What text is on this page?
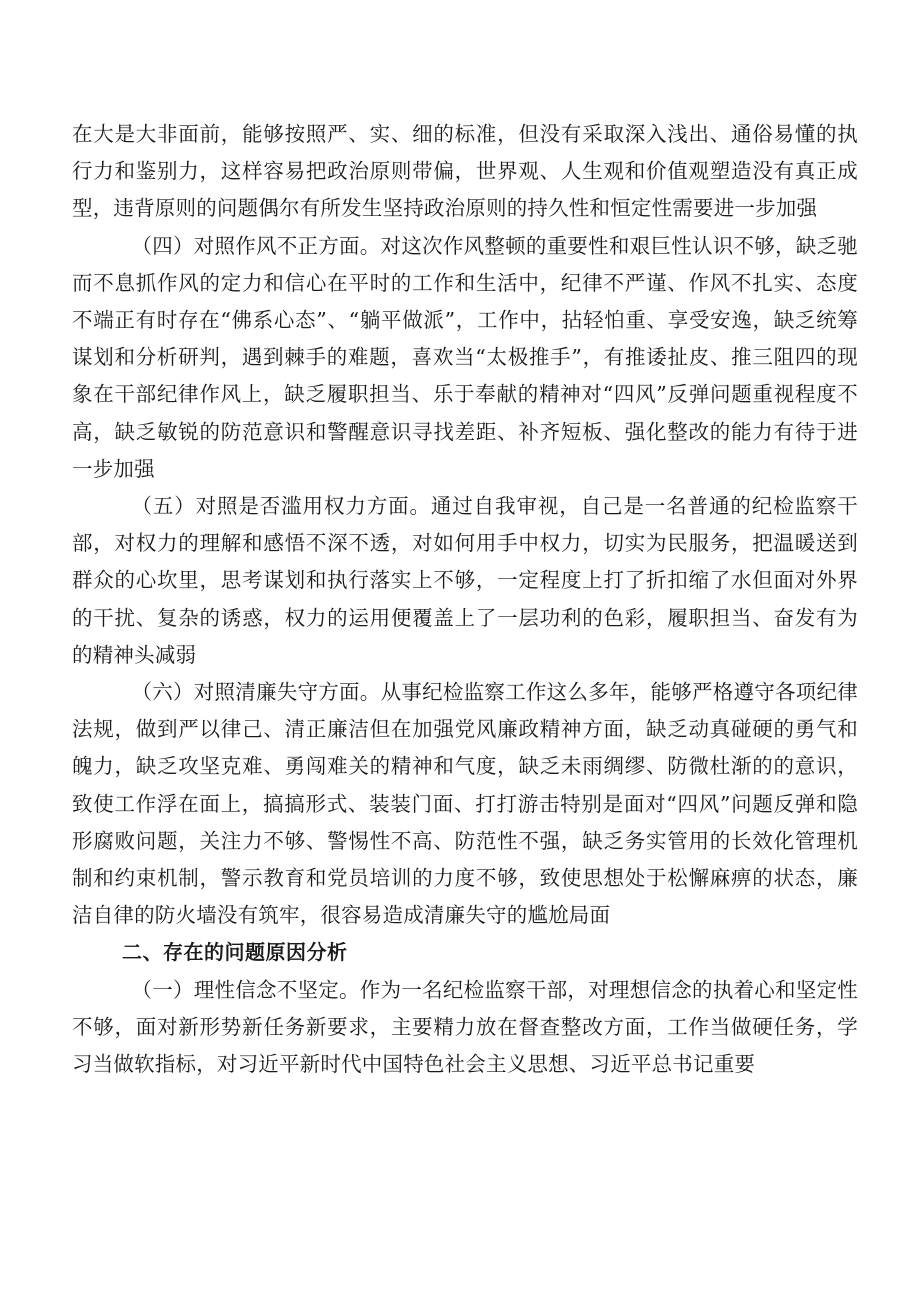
在大是大非面前，能够按照严、实、细的标准，但没有采取深入浅出、通俗易懂的执行力和鉴别力，这样容易把政治原则带偏，世界观、人生观和价值观塑造没有真正成型，违背原则的问题偶尔有所发生坚持政治原则的持久性和恒定性需要进一步加强

（四）对照作风不正方面。对这次作风整顿的重要性和艰巨性认识不够，缺乏驰而不息抓作风的定力和信心在平时的工作和生活中，纪律不严谨、作风不扎实、态度不端正有时存在“佛系心态”、“躺平做派”，工作中，拈轻怕重、享受安逸，缺乏统筹谋划和分析研判，遇到棘手的难题，喜欢当“太极推手”，有推诿扯皮、推三阻四的现象在干部纪律作风上，缺乏履职担当、乐于奉献的精神对“四风”反弹问题重视程度不高，缺乏敏锐的防范意识和警醒意识寻找差距、补齐短板、强化整改的能力有待于进一步加强

（五）对照是否滥用权力方面。通过自我审视，自己是一名普通的纪检监察干部，对权力的理解和感悟不深不透，对如何用手中权力，切实为民服务，把温暖送到群众的心坎里，思考谋划和执行落实上不够，一定程度上打了折扣缩了水但面对外界的干扰、复杂的诱惑，权力的运用便覆盖上了一层功利的色彩，履职担当、奋发有为的精神头减弱

（六）对照清廉失守方面。从事纪检监察工作这么多年，能够严格遵守各项纪律法规，做到严以律己、清正廉洁但在加强党风廉政精神方面，缺乏动真碰硬的勇气和魄力，缺乏攻坚克难、勇闯难关的精神和气度，缺乏未雨绸缪、防微杜渐的的意识，致使工作浮在面上，搞搞形式、装装门面、打打游击特别是面对“四风”问题反弹和隐形腐败问题，关注力不够、警惕性不高、防范性不强，缺乏务实管用的长效化管理机制和约束机制，警示教育和党员培训的力度不够，致使思想处于松懈麻痹的状态，廉洁自律的防火墙没有筑牢，很容易造成清廉失守的尴尬局面

二、存在的问题原因分析

（一）理性信念不坚定。作为一名纪检监察干部，对理想信念的执着心和坚定性不够，面对新形势新任务新要求，主要精力放在督查整改方面，工作当做硬任务，学习当做软指标，对习近平新时代中国特色社会主义思想、习近平总书记重要
